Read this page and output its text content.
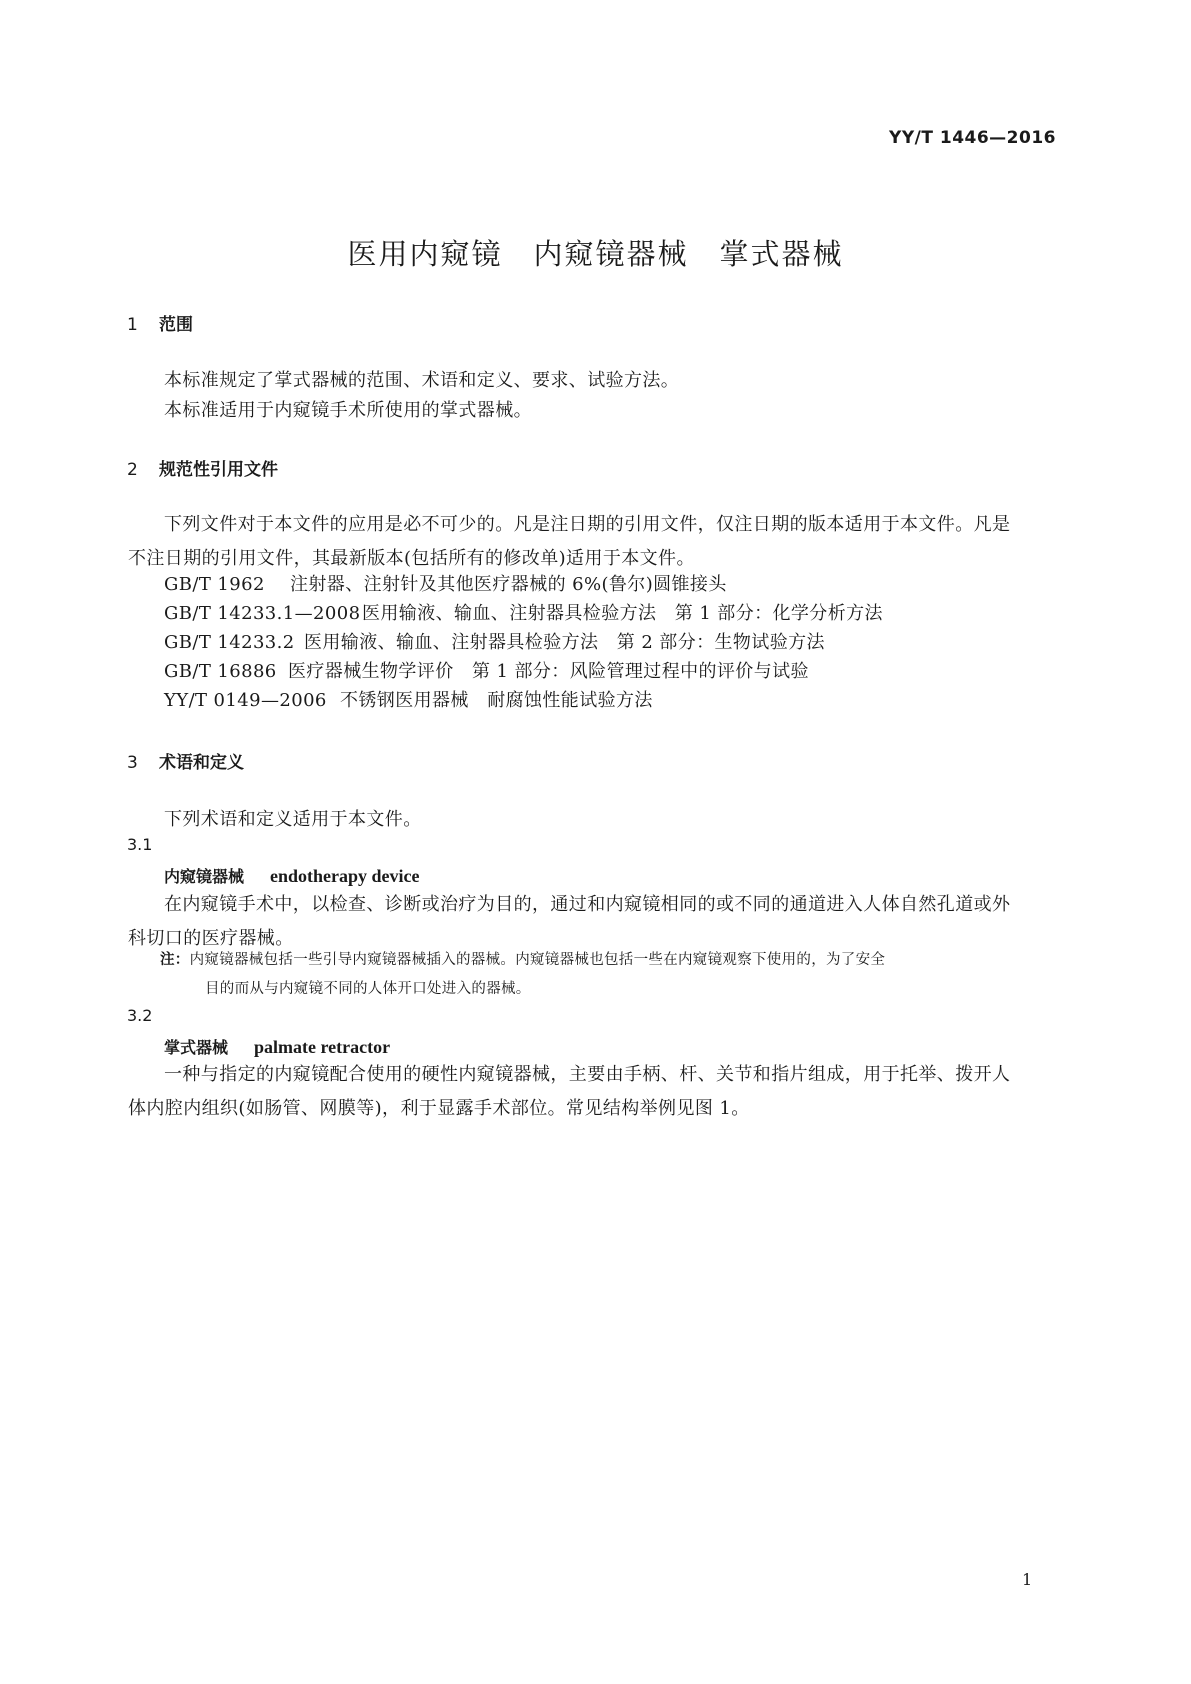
YY/T 1446—2016
医用内窥镜　内窥镜器械　掌式器械
1 范围
本标准规定了掌式器械的范围、术语和定义、要求、试验方法。
本标准适用于内窥镜手术所使用的掌式器械。
2 规范性引用文件
下列文件对于本文件的应用是必不可少的。凡是注日期的引用文件，仅注日期的版本适用于本文件。凡是不注日期的引用文件，其最新版本(包括所有的修改单)适用于本文件。
GB/T 1962 注射器、注射针及其他医疗器械的 6%(鲁尔)圆锥接头
GB/T 14233.1—2008医用输液、输血、注射器具检验方法　第 1 部分：化学分析方法
GB/T 14233.2 医用输液、输血、注射器具检验方法　第 2 部分：生物试验方法
GB/T 16886 医疗器械生物学评价　第 1 部分：风险管理过程中的评价与试验
YY/T 0149—2006 不锈钢医用器械　耐腐蚀性能试验方法
3 术语和定义
下列术语和定义适用于本文件。
3.1
内窥镜器械 endotherapy device
在内窥镜手术中，以检查、诊断或治疗为目的，通过和内窥镜相同的或不同的通道进入人体自然孔道或外科切口的医疗器械。
注：内窥镜器械包括一些引导内窥镜器械插入的器械。内窥镜器械也包括一些在内窥镜观察下使用的，为了安全
目的而从与内窥镜不同的人体开口处进入的器械。
3.2
掌式器械 palmate retractor
一种与指定的内窥镜配合使用的硬性内窥镜器械，主要由手柄、杆、关节和指片组成，用于托举、拨开人体内腔内组织(如肠管、网膜等)，利于显露手术部位。常见结构举例见图 1。
1
